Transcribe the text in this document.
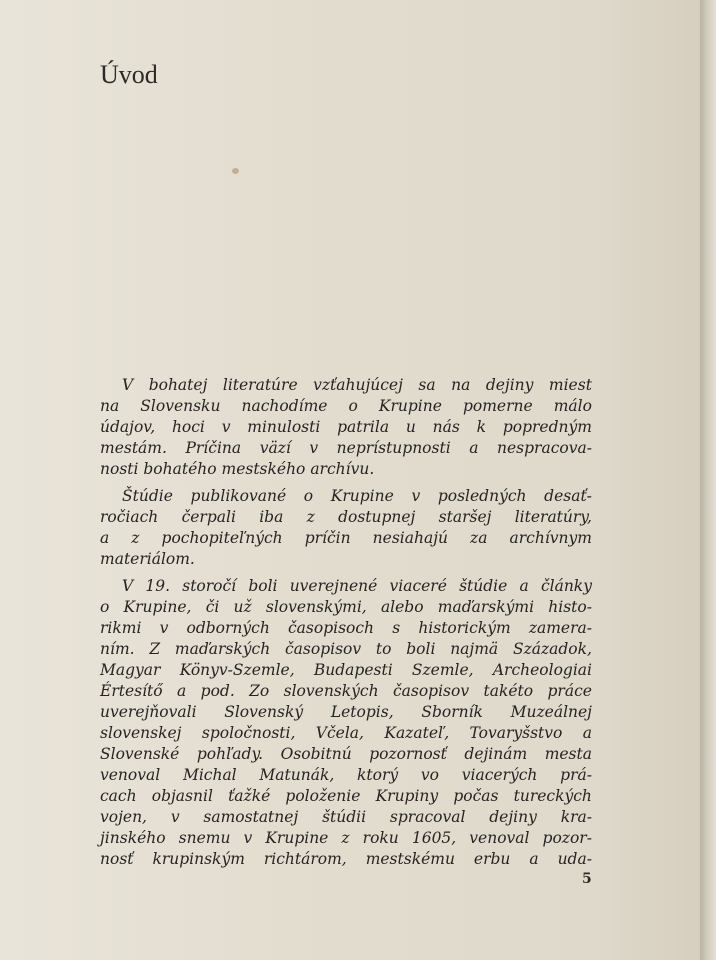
Úvod
V bohatej literatúre vzťahujúcej sa na dejiny miest
na Slovensku nachodíme o Krupine pomerne málo
údajov, hoci v minulosti patrila u nás k popredným
mestám. Príčina väzí v neprístupnosti a nespracova-
nosti bohatého mestského archívu.
Štúdie publikované o Krupine v posledných desať-
ročiach čerpali iba z dostupnej staršej literatúry,
a z pochopiteľných príčin nesiahajú za archívnym
materiálom.
V 19. storočí boli uverejnené viaceré štúdie a články
o Krupine, či už slovenskými, alebo maďarskými histo-
rikmi v odborných časopisoch s historickým zamera-
ním. Z maďarských časopisov to boli najmä Századok,
Magyar Könyv-Szemle, Budapesti Szemle, Archeologiai
Értesítő a pod. Zo slovenských časopisov takéto práce
uverejňovali Slovenský Letopis, Sborník Muzeálnej
slovenskej spoločnosti, Včela, Kazateľ, Tovaryšstvo a
Slovenské pohľady. Osobitnú pozornosť dejinám mesta
venoval Michal Matunák, ktorý vo viacerých prá-
cach objasnil ťažké položenie Krupiny počas tureckých
vojen, v samostatnej štúdii spracoval dejiny kra-
jinského snemu v Krupine z roku 1605, venoval pozor-
nosť krupinským richtárom, mestskému erbu a uda-
5
